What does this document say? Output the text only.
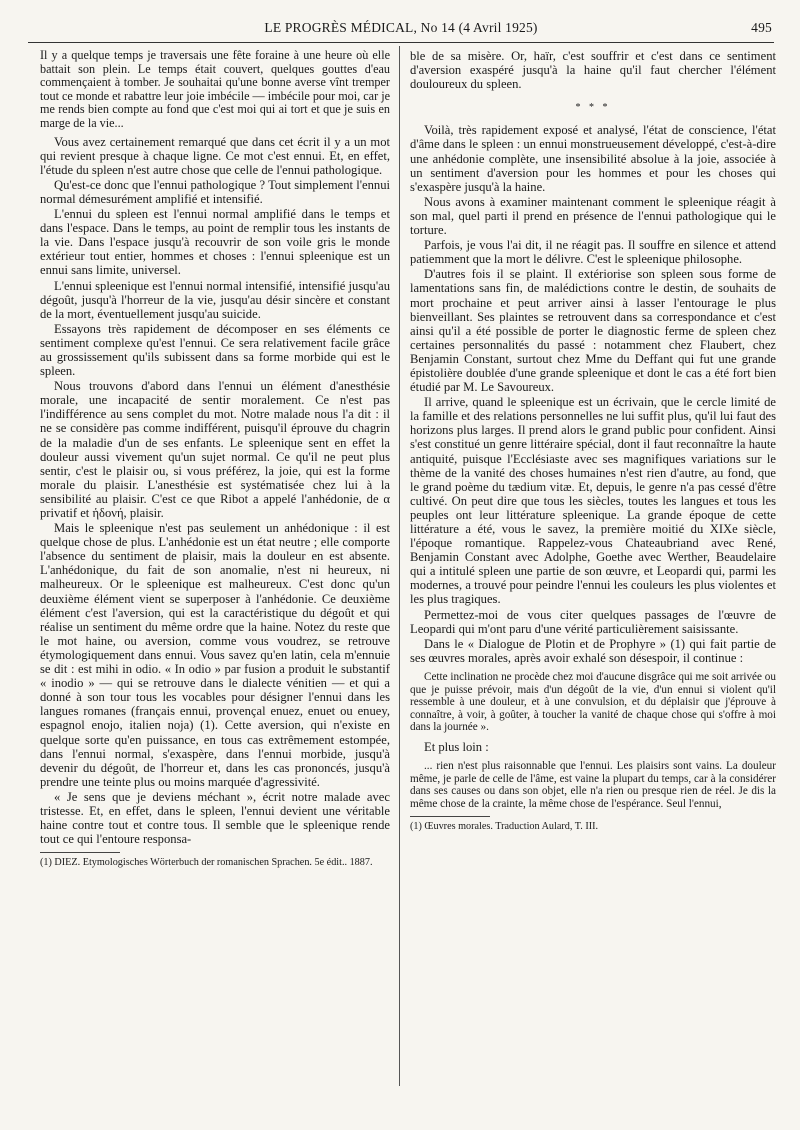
LE PROGRÈS MÉDICAL, No 14 (4 Avril 1925)	495

Il y a quelque temps je traversais une fête foraine à une heure où elle battait son plein. Le temps était couvert, quelques gouttes d'eau commençaient à tomber. Je souhaitai qu'une bonne averse vînt tremper tout ce monde et rabattre leur joie imbécile — imbécile pour moi, car je me rends bien compte au fond que c'est moi qui ai tort et que je suis en marge de la vie...

Vous avez certainement remarqué que dans cet écrit il y a un mot qui revient presque à chaque ligne. Ce mot c'est ennui. Et, en effet, l'étude du spleen n'est autre chose que celle de l'ennui pathologique.

Qu'est-ce donc que l'ennui pathologique ? Tout simplement l'ennui normal démesurément amplifié et intensifié.

L'ennui du spleen est l'ennui normal amplifié dans le temps et dans l'espace. Dans le temps, au point de remplir tous les instants de la vie. Dans l'espace jusqu'à recouvrir de son voile gris le monde extérieur tout entier, hommes et choses : l'ennui spleenique est un ennui sans limite, universel.

L'ennui spleenique est l'ennui normal intensifié, intensifié jusqu'au dégoût, jusqu'à l'horreur de la vie, jusqu'au désir sincère et constant de la mort, éventuellement jusqu'au suicide.

Essayons très rapidement de décomposer en ses éléments ce sentiment complexe qu'est l'ennui. Ce sera relativement facile grâce au grossissement qu'ils subissent dans sa forme morbide qui est le spleen.

Nous trouvons d'abord dans l'ennui un élément d'anesthésie morale, une incapacité de sentir moralement. Ce n'est pas l'indifférence au sens complet du mot. Notre malade nous l'a dit : il ne se considère pas comme indifférent, puisqu'il éprouve du chagrin de la maladie d'un de ses enfants. Le spleenique sent en effet la douleur aussi vivement qu'un sujet normal. Ce qu'il ne peut plus sentir, c'est le plaisir ou, si vous préférez, la joie, qui est la forme morale du plaisir. L'anesthésie est systématisée chez lui à la sensibilité au plaisir. C'est ce que Ribot a appelé l'anhédonie, de α privatif et ἡδονή, plaisir.

Mais le spleenique n'est pas seulement un anhédonique : il est quelque chose de plus. L'anhédonie est un état neutre ; elle comporte l'absence du sentiment de plaisir, mais la douleur en est absente. L'anhédonique, du fait de son anomalie, n'est ni heureux, ni malheureux. Or le spleenique est malheureux. C'est donc qu'un deuxième élément vient se superposer à l'anhédonie. Ce deuxième élément c'est l'aversion, qui est la caractéristique du dégoût et qui réalise un sentiment du même ordre que la haine. Notez du reste que le mot haine, ou aversion, comme vous voudrez, se retrouve étymologiquement dans ennui. Vous savez qu'en latin, cela m'ennuie se dit : est mihi in odio. « In odio » par fusion a produit le substantif « inodio » — qui se retrouve dans le dialecte vénitien — et qui a donné à son tour tous les vocables pour désigner l'ennui dans les langues romanes (français ennui, provençal enuez, enuet ou enuey, espagnol enojo, italien noja) (1). Cette aversion, qui n'existe en quelque sorte qu'en puissance, en tous cas extrêmement estompée, dans l'ennui normal, s'exaspère, dans l'ennui morbide, jusqu'à devenir du dégoût, de l'horreur et, dans les cas prononcés, jusqu'à prendre une teinte plus ou moins marquée d'agressivité.

« Je sens que je deviens méchant », écrit notre malade avec tristesse. Et, en effet, dans le spleen, l'ennui devient une véritable haine contre tout et contre tous. Il semble que le spleenique rende tout ce qui l'entoure responsa-

(1) DIEZ. Etymologisches Wörterbuch der romanischen Sprachen. 5e édit.. 1887.

ble de sa misère. Or, haïr, c'est souffrir et c'est dans ce sentiment d'aversion exaspéré jusqu'à la haine qu'il faut chercher l'élément douloureux du spleen.

* * *

Voilà, très rapidement exposé et analysé, l'état de conscience, l'état d'âme dans le spleen : un ennui monstrueusement développé, c'est-à-dire une anhédonie complète, une insensibilité absolue à la joie, associée à un sentiment d'aversion pour les hommes et pour les choses qui s'exaspère jusqu'à la haine.

Nous avons à examiner maintenant comment le spleenique réagit à son mal, quel parti il prend en présence de l'ennui pathologique qui le torture.

Parfois, je vous l'ai dit, il ne réagit pas. Il souffre en silence et attend patiemment que la mort le délivre. C'est le spleenique philosophe.

D'autres fois il se plaint. Il extériorise son spleen sous forme de lamentations sans fin, de malédictions contre le destin, de souhaits de mort prochaine et peut arriver ainsi à lasser l'entourage le plus bienveillant. Ses plaintes se retrouvent dans sa correspondance et c'est ainsi qu'il a été possible de porter le diagnostic ferme de spleen chez certaines personnalités du passé : notamment chez Flaubert, chez Benjamin Constant, surtout chez Mme du Deffant qui fut une grande épistolière doublée d'une grande spleenique et dont le cas a été fort bien étudié par M. Le Savoureux.

Il arrive, quand le spleenique est un écrivain, que le cercle limité de la famille et des relations personnelles ne lui suffit plus, qu'il lui faut des horizons plus larges. Il prend alors le grand public pour confident. Ainsi s'est constitué un genre littéraire spécial, dont il faut reconnaître la haute antiquité, puisque l'Ecclésiaste avec ses magnifiques variations sur le thème de la vanité des choses humaines n'est rien d'autre, au fond, que le grand poème du tædium vitæ. Et, depuis, le genre n'a pas cessé d'être cultivé. On peut dire que tous les siècles, toutes les langues et tous les peuples ont leur littérature spleenique. La grande époque de cette littérature a été, vous le savez, la première moitié du XIXe siècle, l'époque romantique. Rappelez-vous Chateaubriand avec René, Benjamin Constant avec Adolphe, Goethe avec Werther, Beaudelaire qui a intitulé spleen une partie de son œuvre, et Leopardi qui, parmi les modernes, a trouvé pour peindre l'ennui les couleurs les plus violentes et les plus tragiques.

Permettez-moi de vous citer quelques passages de l'œuvre de Leopardi qui m'ont paru d'une vérité particulièrement saisissante.

Dans le « Dialogue de Plotin et de Prophyre » (1) qui fait partie de ses œuvres morales, après avoir exhalé son désespoir, il continue :

Cette inclination ne procède chez moi d'aucune disgrâce qui me soit arrivée ou que je puisse prévoir, mais d'un dégoût de la vie, d'un ennui si violent qu'il ressemble à une douleur, et à une convulsion, et du déplaisir que j'éprouve à connaître, à voir, à goûter, à toucher la vanité de chaque chose qui s'offre à moi dans la journée ».

Et plus loin :

... rien n'est plus raisonnable que l'ennui. Les plaisirs sont vains. La douleur même, je parle de celle de l'âme, est vaine la plupart du temps, car à la considérer dans ses causes ou dans son objet, elle n'a rien ou presque rien de réel. Je dis la même chose de la crainte, la même chose de l'espérance. Seul l'ennui,
(1) Œuvres morales. Traduction Aulard, T. III.
